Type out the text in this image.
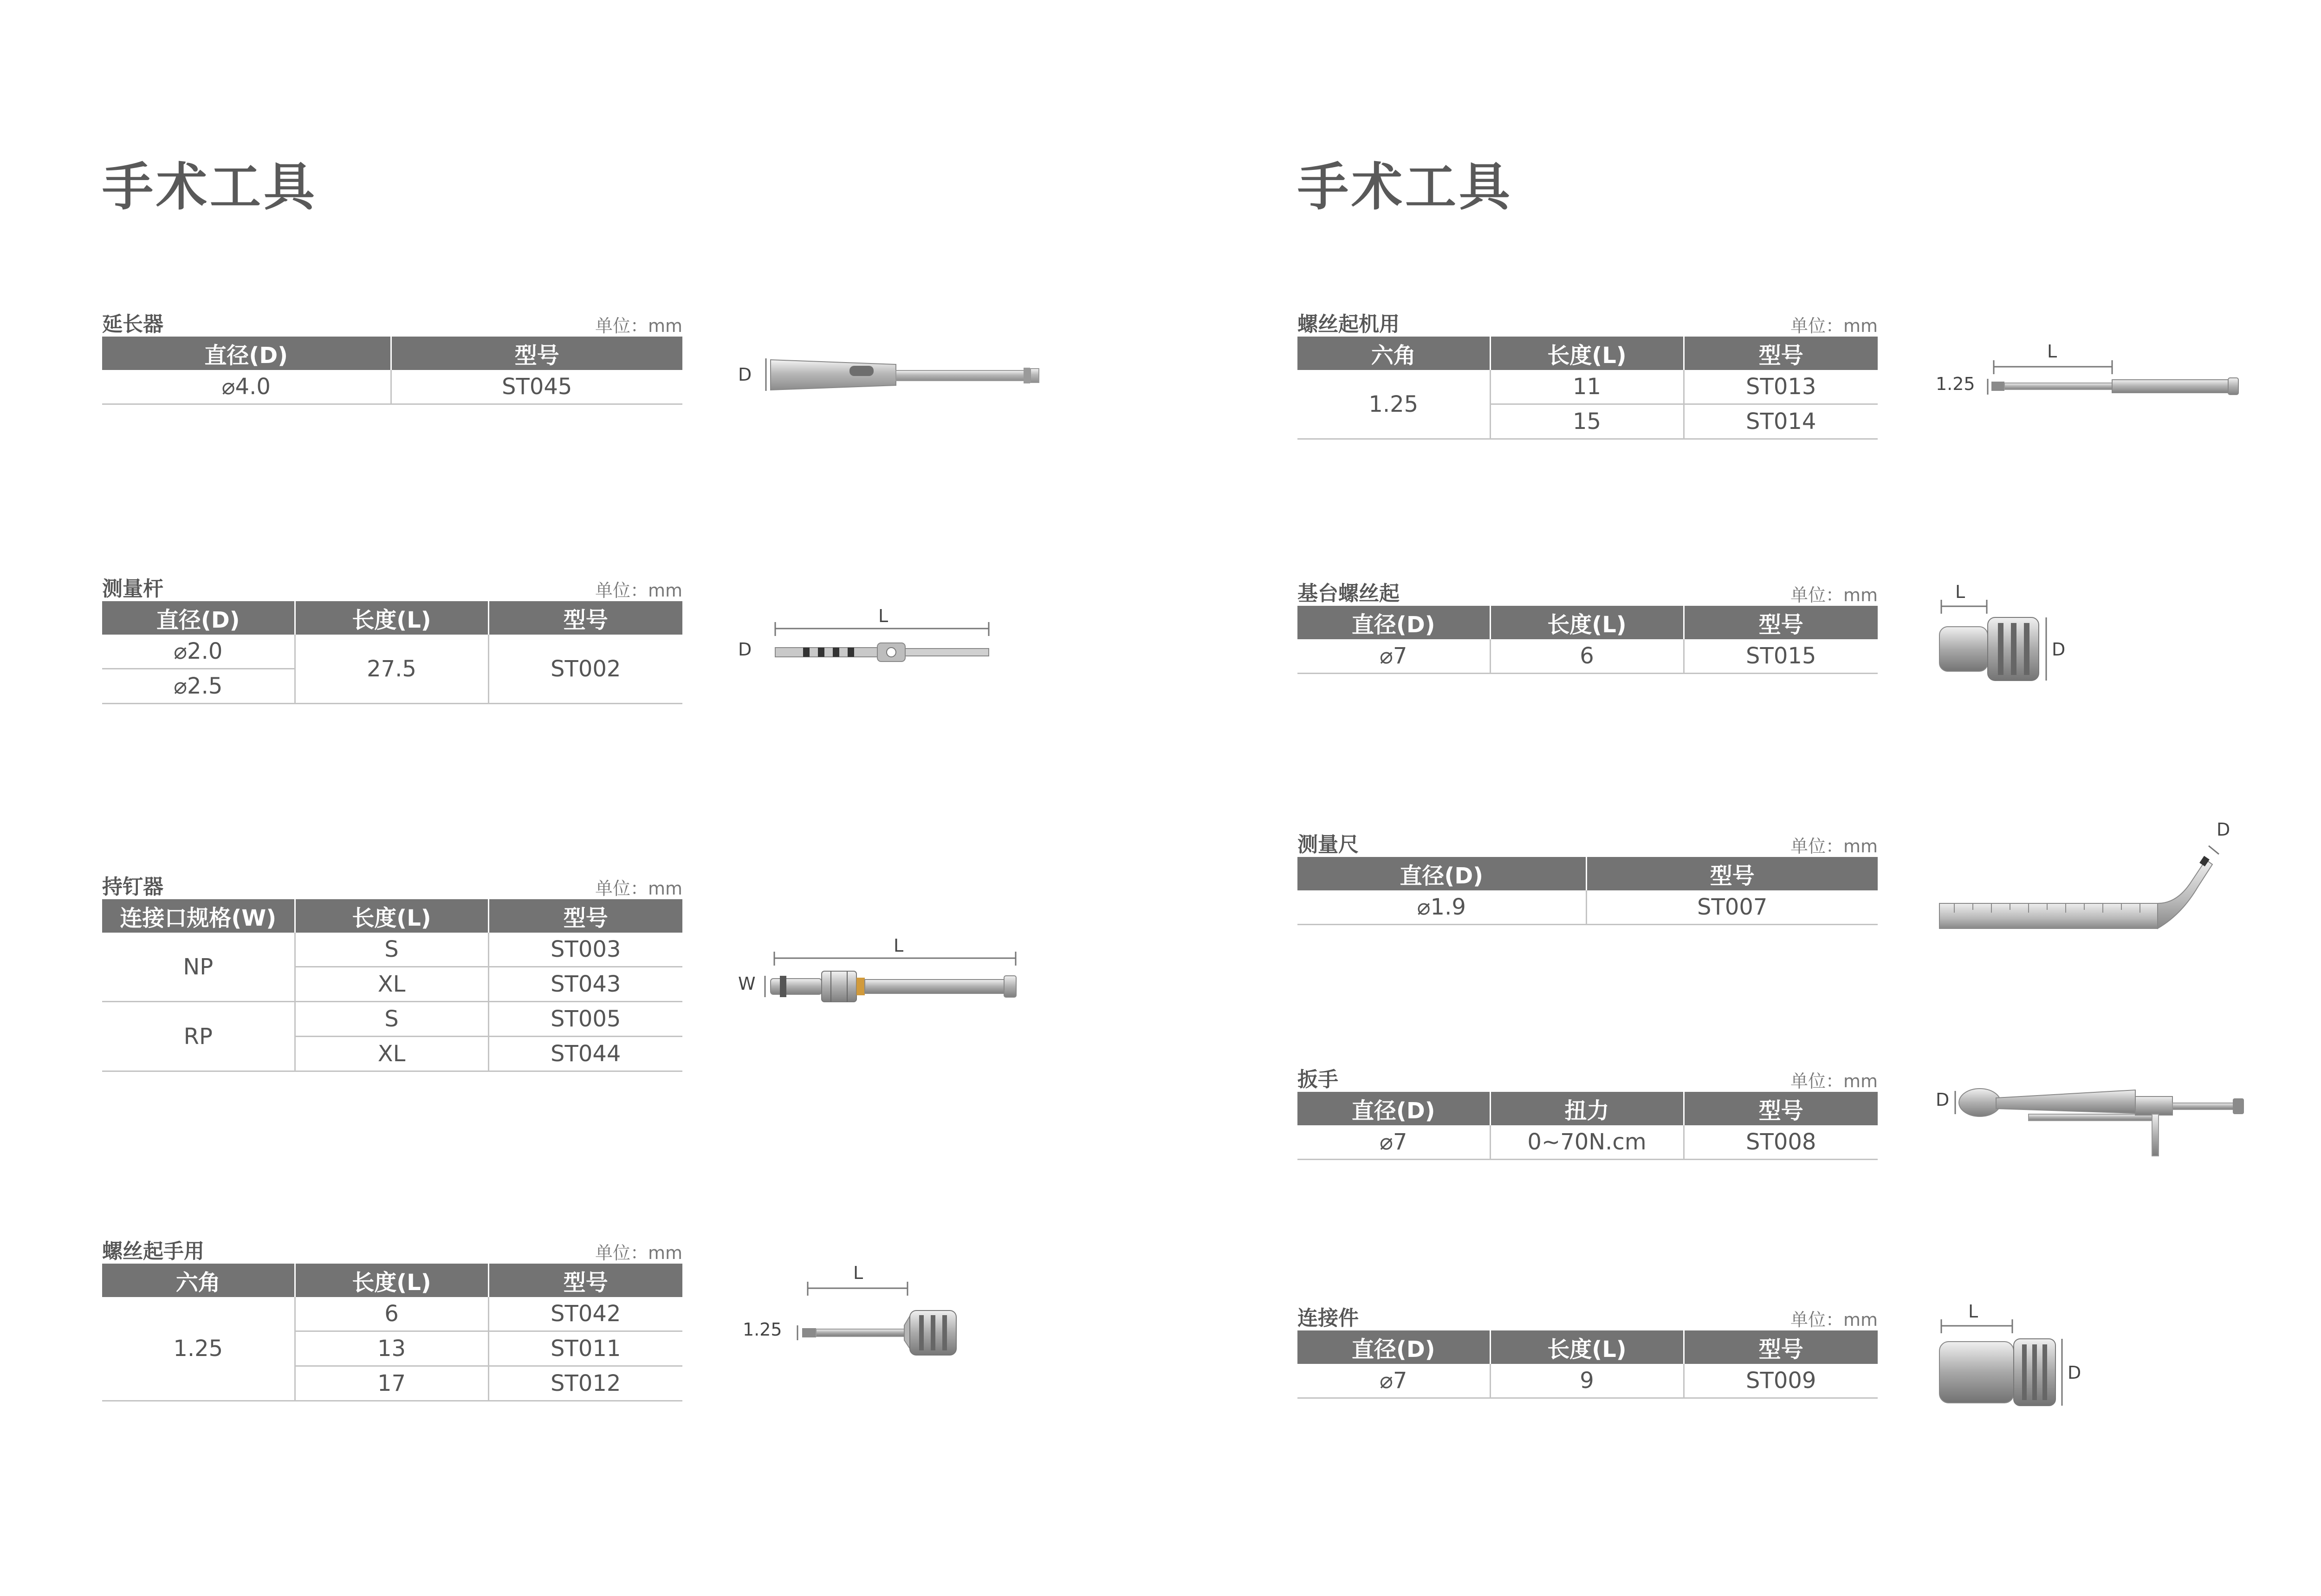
手术工具
延长器	单位：mm
直径(D)	型号
⌀4.0	ST045	D
测量杆	单位：mm
直径(D)	长度(L)	型号
⌀2.0	27.5	ST002
⌀2.5		
L
D
持钉器	单位：mm
连接口规格(W)	长度(L)	型号
NP	S	ST003
	XL	ST043
RP	S	ST005
	XL	ST044
L
W
螺丝起手用	单位：mm
六角	长度(L)	型号
1.25	6	ST042
	13	ST011
	17	ST012
L
1.25
手术工具
螺丝起机用	单位：mm
六角	长度(L)	型号
1.25	11	ST013
	15	ST014
L
1.25
基台螺丝起	单位：mm
直径(D)	长度(L)	型号
⌀7	6	ST015
L
D
测量尺	单位：mm
直径(D)	型号
⌀1.9	ST007
D
扳手	单位：mm
直径(D)	扭力	型号
⌀7	0~70N.cm	ST008
D
连接件	单位：mm
直径(D)	长度(L)	型号
⌀7	9	ST009
L
D
